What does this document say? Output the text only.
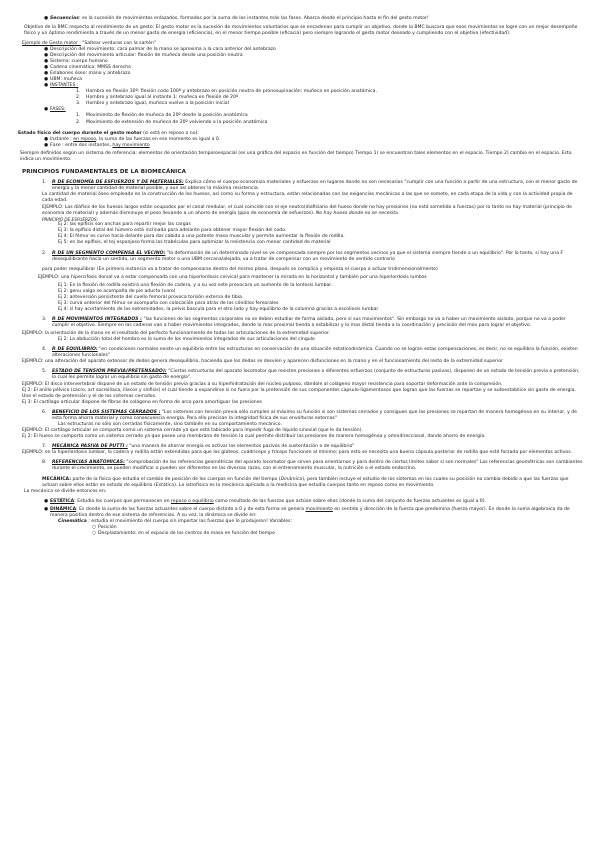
● Secuencias: es la sucesión de movimientos enlazados, formados por la suma de los instantes más las fases. Abarca desde el principio hasta el fin del gesto motor!

Objetivo de la BMC respecto al rendimiento de un gesto: El gesto motor es la sucesión de movimientos voluntarios que se encadenan para cumplir un objetivo, donde la BMC buscara que esos movimientos se logre con un mejor desempeño físico y un óptimo rendimiento a través de un menor gasto de energía (eficiencia), en el menor tiempo posible (eficacia) pero siempre logrando el gesto motor deseado y cumpliendo con el objetivo (efectividad).

Ejemplo de Gesto motor : "Saltear verduras con la sartén"

● Descripción del movimiento: cara palmar de la mano se aproxima a la cara anterior del antebrazo

● Descripción del movimiento articular: flexión de muñeca desde una posición neutra

● Sistema: cuerpo humano

● Cadena cinemática: MMSS derecho

● Eslabones óseo: mano y antebrazo

● UBM: muñeca

● INSTANTES :

1.	Hombro en flexión 30º: flexión codo 100º y antebrazo en posición neutra de pronosupinación: muñeca en posición anatómica.

2.	Hombro y antebrazo igual al instante 1: muñeca en flexión de 20º

3.	Hombro y antebrazo igual, muñeca vuelve a la posición inicial

● FASES:

1.	Movimiento de flexión de muñeca de 20º desde la posición anatómica

2.	Movimiento de extensión de muñeca de 20º volviendo a la posición anatómica

Estado físico del cuerpo durante el gesto motor (si está en reposo o no):

● Instante : en reposo, la suma de las fuerzas en ese momento es igual a 0.

● Fase : entre dos instantes, hay movimiento

Siempre definidos según un sistema de referencia: elementos de orientación temporoespacial (es una gráfica del espacio en función del tiempo) Tiempo 1) se encuentran tales elementos en el espacio. Tiempo 2) cambio en el espacio. Esto indica un movimiento.

PRINCIPIOS FUNDAMENTALES DE LA BIOMECÁNICA

1.	P. DE ECONOMÍA DE ESFUERZOS Y DE MATERIALES: Explica cómo el cuerpo economiza materiales y esfuerzos en lugares donde no son necesarios "cumplir con una función a partir de una estructura, con el menor gasto de energía y la menor cantidad de material posible, y aun así obtener la máxima resistencia.

La cantidad de material óseo empleado en la construcción de los huesos, así como su forma y estructura, están relacionadas con las exigencias mecánicas a las que se somete, en cada etapa de la vida y con la actividad propia de cada edad.

EJEMPLO: Las diáfisis de los huesos largos están ocupados por el canal medular, el cual coincide con el eje neutro(diafisiario del hueso donde no hay presiones (no está sometido a fuerzas) por lo tanto no hay material (principio de economía de material) y además disminuye el peso llevando a un ahorro de energía (ppio de economía de esfuerzos). No hay hueso donde no se necesita.

PRINCIPIO DE ESFUERZOS:

Ej 2: las epífisis son anchas para repartir mejor las cargas

Ej 3: la epífisis distal del húmero está inclinada para adelante para obtener mayor flexión del codo.

Ej 4: El fémur es curvo hacia delante para dar cabida a una potente masa muscular y permite aumentar la flexión de rodilla.

Ej 5: en las epífisis, el tej esponjoso forma las trabéculas para optimizar la resistencia con menor cantidad de material

2.	P. DE UN SEGMENTO COMPENSA EL VECINO: "la deformación de un determinado nivel se ve compensada siempre por los segmentos vecinos ya que el sistema siempre tiende a un equilibrio". Por lo tanto, si hay una F desequilibrante hacia un sentido, un segmento motor o una UBM cercana/alejada, va a tratar de compensar con un movimiento de sentido contrario

para poder reequilibrar (En primera instancia va a tratar de compensarse dentro del mismo plano, después se complica y empieza el cuerpo a actuar tridimensionalmente)

EJEMPLO: una hipercifosis dorsal va a estar compensada con una hiperlordosis cervical para mantener la mirada en la horizontal y también por una hiperlordosis lumbar.

Ej 1: En la flexión de rodilla existirá una flexión de cadera, y a su vez este provocara un aumento de la lordosis lumbar.

Ej 2: genu valgo se acompaña de pie aducto (varo)

Ej 2: anteversión persistente del cuello femoral provoca torsión externa de tibia.

Ej 3: curva anterior del fémur se acompaña con colocación para atrás de los cóndilos femorales

Ej 4: si hay acortamiento de las extremidades, la pelvis bascula para el otro lado y hay equilibrio de la columna gracias a escoliosis lumbar

3.	P. DE MOVIMIENTOS INTEGRADOS : "las funciones de los segmentos corporales no se deben estudiar de forma aislada, pero sí sus movimientos". Sin embargo no va a haber un movimiento aislado, porque no va a poder cumplir el objetivo. Siempre en las cadenas van a haber movimientos integrados, donde lo mas proximal tienda a estabilizar y lo mas distal tienda a la coordinación y precisión del mov para lograr el objetivo.

EJEMPLO: la orientación de la mano es el resultado del perfecto funcionamiento de todas las articulaciones de la extremidad superior.

Ej 2: La abducción total del hombro es la suma de los movimientos integrados de sus articulaciones del cíngulo

4.	P. DE EQUILIBRIO: "en condiciones normales existe un equilibrio entre las estructuras en conservación de una situación estaticodinámica. Cuando no se logran estas compensaciones, es decir, no se equilibra la función, existen alteraciones funcionales"

EJEMPLO: una alteración del aparato extensor de dedos genera desequilibrio, haciendo que los dedos se desvíen y aparecen disfunciones en la mano y en el funcionamiento del resto de la extremidad superior

5.	ESTADO DE TENSIÓN PREVIA(PRETENSADO): "Ciertas estructuras del aparato locomotor que resisten presiones o diferentes esfuerzos (conjunto de estructuras pasivas), disponen de un estado de tensión previa o pretensión, lo cual les permite lograr un equilibrio sin gasto de energía".

EJEMPLO: El disco intervertebral dispone de un estado de tensión previa gracias a su hiperhidratación del núcleo pulposo, dándole al colágeno mayor resistencia para soportar deformación ante la compresión.

Ej 2: El anillo pélvico (sacro, art sacroiliaca, iliacos y sínfisis) el cual tiende a expandirse si no fuera por la pretensión de sus componentes capsulo-ligamentosos que logran que las fuerzas se repartan y se autoestabilice sin gasto de energía. Une el estado de pretensión y el de los sistemas cerrados.

Ej 3: El cartílago articular dispone de fibras de colágeno en forma de arco para amortiguar las presiones

6.	BENEFICIO DE LOS SISTEMAS CERRADOS : "Los sistemas con tensión previa sólo cumplen al máximo su función si son sistemas cerrados y consiguen que las presiones se repartan de manera homogénea en su interior, y de esta forma ahorra material y como consecuencia energía. Para ello precisan la integridad física de sus envolturas externas"

Las estructuras no sólo son cerradas físicamente, sino también en su comportamiento mecánico.

EJEMPLO: El cartílago articular se comporta como un sistema cerrado ya que está tabicado para impedir fuga de líquido sinovial (que le da tensión).

Ej 2: El hueso se comporta como un sistema cerrado ya que posee una membrana de tensión la cual permite distribuir las presiones de manera homogénea y omnidireccional, dando ahorro de energía.

7.	MECÁNICA PASIVA DE PUTTI : "una manera de ahorrar energía es activar los elementos pasivos de sustentación o de equilibrio"

EJEMPLO: en la hiperlordosis lumbar, la cadera y rodilla están extendidas para que los glúteos, cuádriceps y tríceps funcionen al mínimo; para esto se necesita una buena cápsula posterior de rodilla que esté forzada por elementos activos.

8.	REFERENCIAS ANATÓMICAS: "comprobación de las referencias geométricas del aparato locomotor que sirven para orientarnos y para dentro de ciertos límites saber si son normales" Las referencias geométricas son cambiantes durante el crecimiento, se pueden modificar o pueden ser diferentes en las diversas razas, con el entrenamiento muscular, la nutrición o el estado endocrino.

MECÁNICA: parte de la física que estudia el cambio de posición de los cuerpos en función del tiempo (Dinámica), pero también incluye el estudio de los sistemas en los cuales su posición no cambia debido a que las fuerzas que actúan sobre ellos están en estado de equilibrio (Estática). La iatrofísica es la mecánica aplicada a la medicina que estudia cuerpos tanto en reposo como en movimiento.

La mecánica se divide entonces en:

● ESTÁTICA: Estudia los cuerpos que permanecen en reposo o equilibrio como resultado de las fuerzas que actúan sobre ellos (donde la suma del conjunto de fuerzas actuantes es igual a 0).

● DINÁMICA: Es donde la suma de las fuerzas actuantes sobre el cuerpo distinto a 0 y de esta forma se genera movimiento en sentido y dirección de la fuerza que predomina (fuerza mayor). En donde la suma algebraica da de manera positiva dentro de ese sistema de referencias. A su vez, la dinámica se divide en:

Cinemática : estudia el movimiento del cuerpo sin importar las fuerzas que lo produjeron! Variables:

○ Posición

○ Desplazamiento: en el espacio de los centros de masa en función del tiempo
